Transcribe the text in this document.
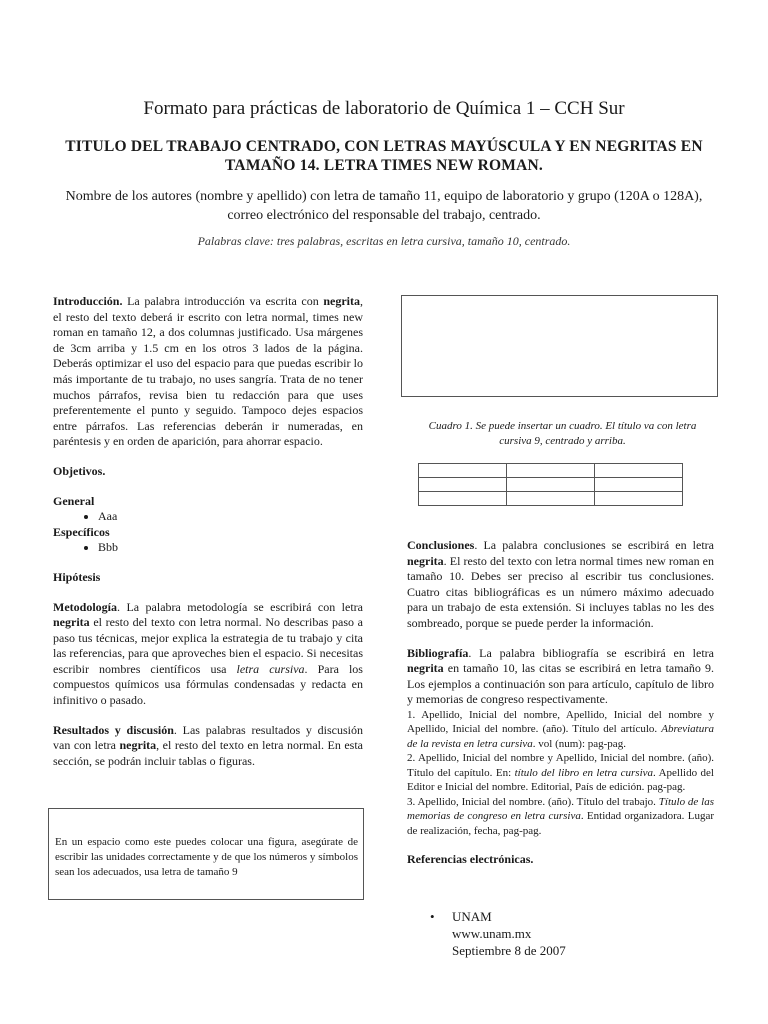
Formato para prácticas de laboratorio de Química 1 – CCH Sur
TITULO DEL TRABAJO CENTRADO, CON LETRAS MAYÚSCULA Y EN NEGRITAS EN TAMAÑO 14. LETRA TIMES NEW ROMAN.
Nombre de los autores (nombre y apellido) con letra de tamaño 11, equipo de laboratorio y grupo (120A o 128A), correo electrónico del responsable del trabajo, centrado.
Palabras clave: tres palabras, escritas en letra cursiva, tamaño 10, centrado.

Introducción. La palabra introducción va escrita con negrita, el resto del texto deberá ir escrito con letra normal, times new roman en tamaño 12, a dos columnas justificado. Usa márgenes de 3cm arriba y 1.5 cm en los otros 3 lados de la página. Deberás optimizar el uso del espacio para que puedas escribir lo más importante de tu trabajo, no uses sangría. Trata de no tener muchos párrafos, revisa bien tu redacción para que uses preferentemente el punto y seguido. Tampoco dejes espacios entre párrafos. Las referencias deberán ir numeradas, en paréntesis y en orden de aparición, para ahorrar espacio.

Objetivos.

General

• Aaa

Específicos

• Bbb

Hipótesis

Metodología. La palabra metodología se escribirá con letra negrita el resto del texto con letra normal. No describas paso a paso tus técnicas, mejor explica la estrategia de tu trabajo y cita las referencias, para que aproveches bien el espacio. Si necesitas escribir nombres científicos usa letra cursiva. Para los compuestos químicos usa fórmulas condensadas y redacta en infinitivo o pasado.

Resultados y discusión. Las palabras resultados y discusión van con letra negrita, el resto del texto en letra normal. En esta sección, se podrán incluir tablas o figuras.

En un espacio como este puedes colocar una figura, asegúrate de escribir las unidades correctamente y de que los números y símbolos sean los adecuados, usa letra de tamaño 9
Cuadro 1. Se puede insertar un cuadro. El título va con letra cursiva 9, centrado y arriba.

Conclusiones. La palabra conclusiones se escribirá en letra negrita. El resto del texto con letra normal times new roman en tamaño 10. Debes ser preciso al escribir tus conclusiones. Cuatro citas bibliográficas es un número máximo adecuado para un trabajo de esta extensión. Si incluyes tablas no les des sombreado, porque se puede perder la información.

Bibliografía. La palabra bibliografía se escribirá en letra negrita en tamaño 10, las citas se escribirá en letra tamaño 9. Los ejemplos a continuación son para artículo, capítulo de libro y memorias de congreso respectivamente.

1. Apellido, Inicial del nombre, Apellido, Inicial del nombre y Apellido, Inicial del nombre. (año). Título del artículo. Abreviatura de la revista en letra cursiva. vol (num): pag-pag.

2. Apellido, Inicial del nombre y Apellido, Inicial del nombre. (año). Título del capítulo. En: título del libro en letra cursiva. Apellido del Editor e Inicial del nombre. Editorial, País de edición. pag-pag.

3. Apellido, Inicial del nombre. (año). Título del trabajo. Título de las memorias de congreso en letra cursiva. Entidad organizadora. Lugar de realización, fecha, pag-pag.

Referencias electrónicas.

•	UNAM
www.unam.mx
Septiembre 8 de 2007
